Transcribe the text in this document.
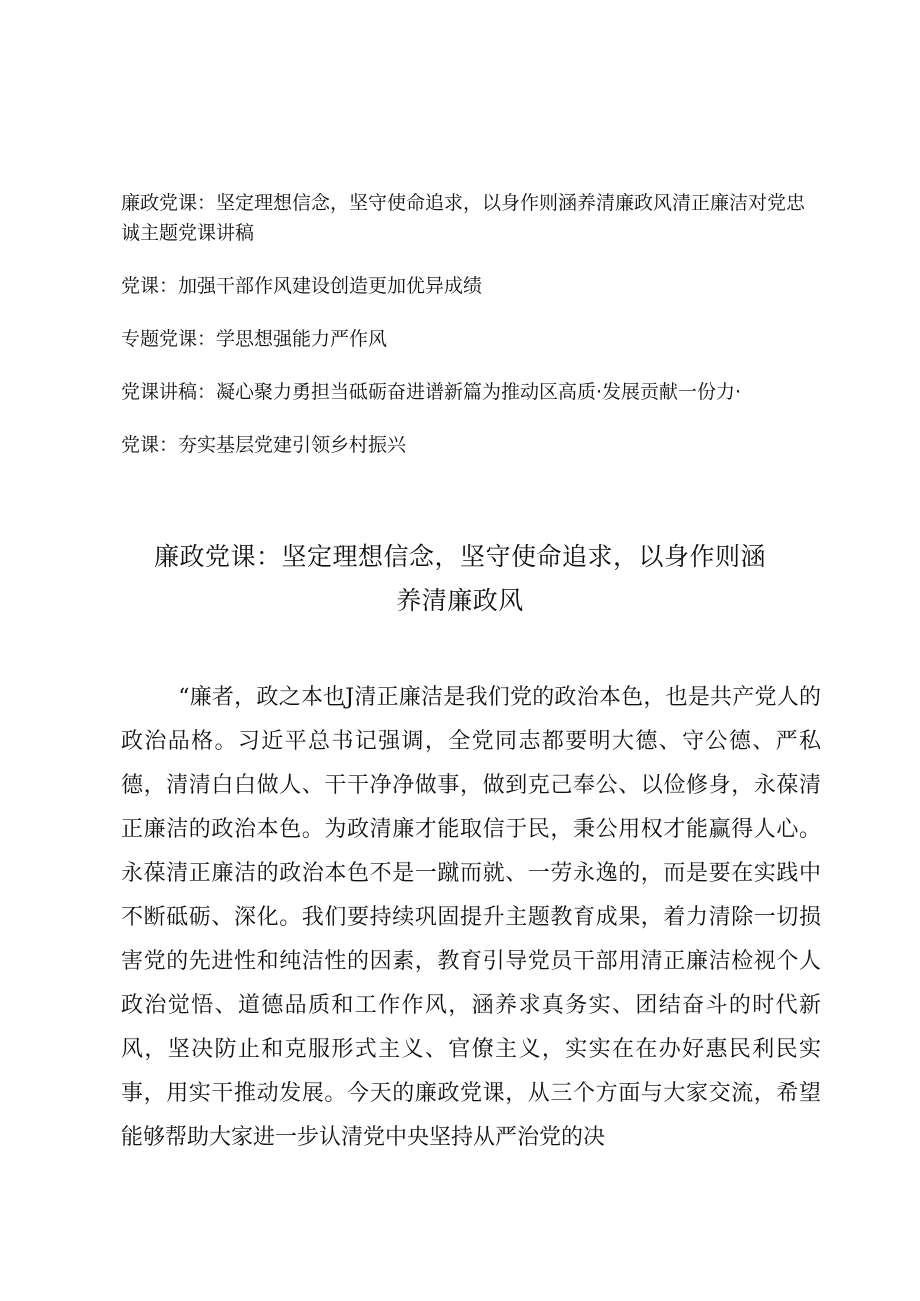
廉政党课：坚定理想信念，坚守使命追求，以身作则涵养清廉政风清正廉洁对党忠诚主题党课讲稿
党课：加强干部作风建设创造更加优异成绩
专题党课：学思想强能力严作风
党课讲稿：凝心聚力勇担当砥砺奋进谱新篇为推动区高质·发展贡献一份力·
党课：夯实基层党建引领乡村振兴
廉政党课：坚定理想信念，坚守使命追求，以身作则涵
养清廉政风

“廉者，政之本也J清正廉洁是我们党的政治本色，也是共产党人的政治品格。习近平总书记强调，全党同志都要明大德、守公德、严私德，清清白白做人、干干净净做事，做到克己奉公、以俭修身，永葆清正廉洁的政治本色。为政清廉才能取信于民，秉公用权才能赢得人心。永葆清正廉洁的政治本色不是一蹴而就、一劳永逸的，而是要在实践中不断砥砺、深化。我们要持续巩固提升主题教育成果，着力清除一切损害党的先进性和纯洁性的因素，教育引导党员干部用清正廉洁检视个人政治觉悟、道德品质和工作作风，涵养求真务实、团结奋斗的时代新风，坚决防止和克服形式主义、官僚主义，实实在在办好惠民利民实事，用实干推动发展。今天的廉政党课，从三个方面与大家交流，希望能够帮助大家进一步认清党中央坚持从严治党的决
